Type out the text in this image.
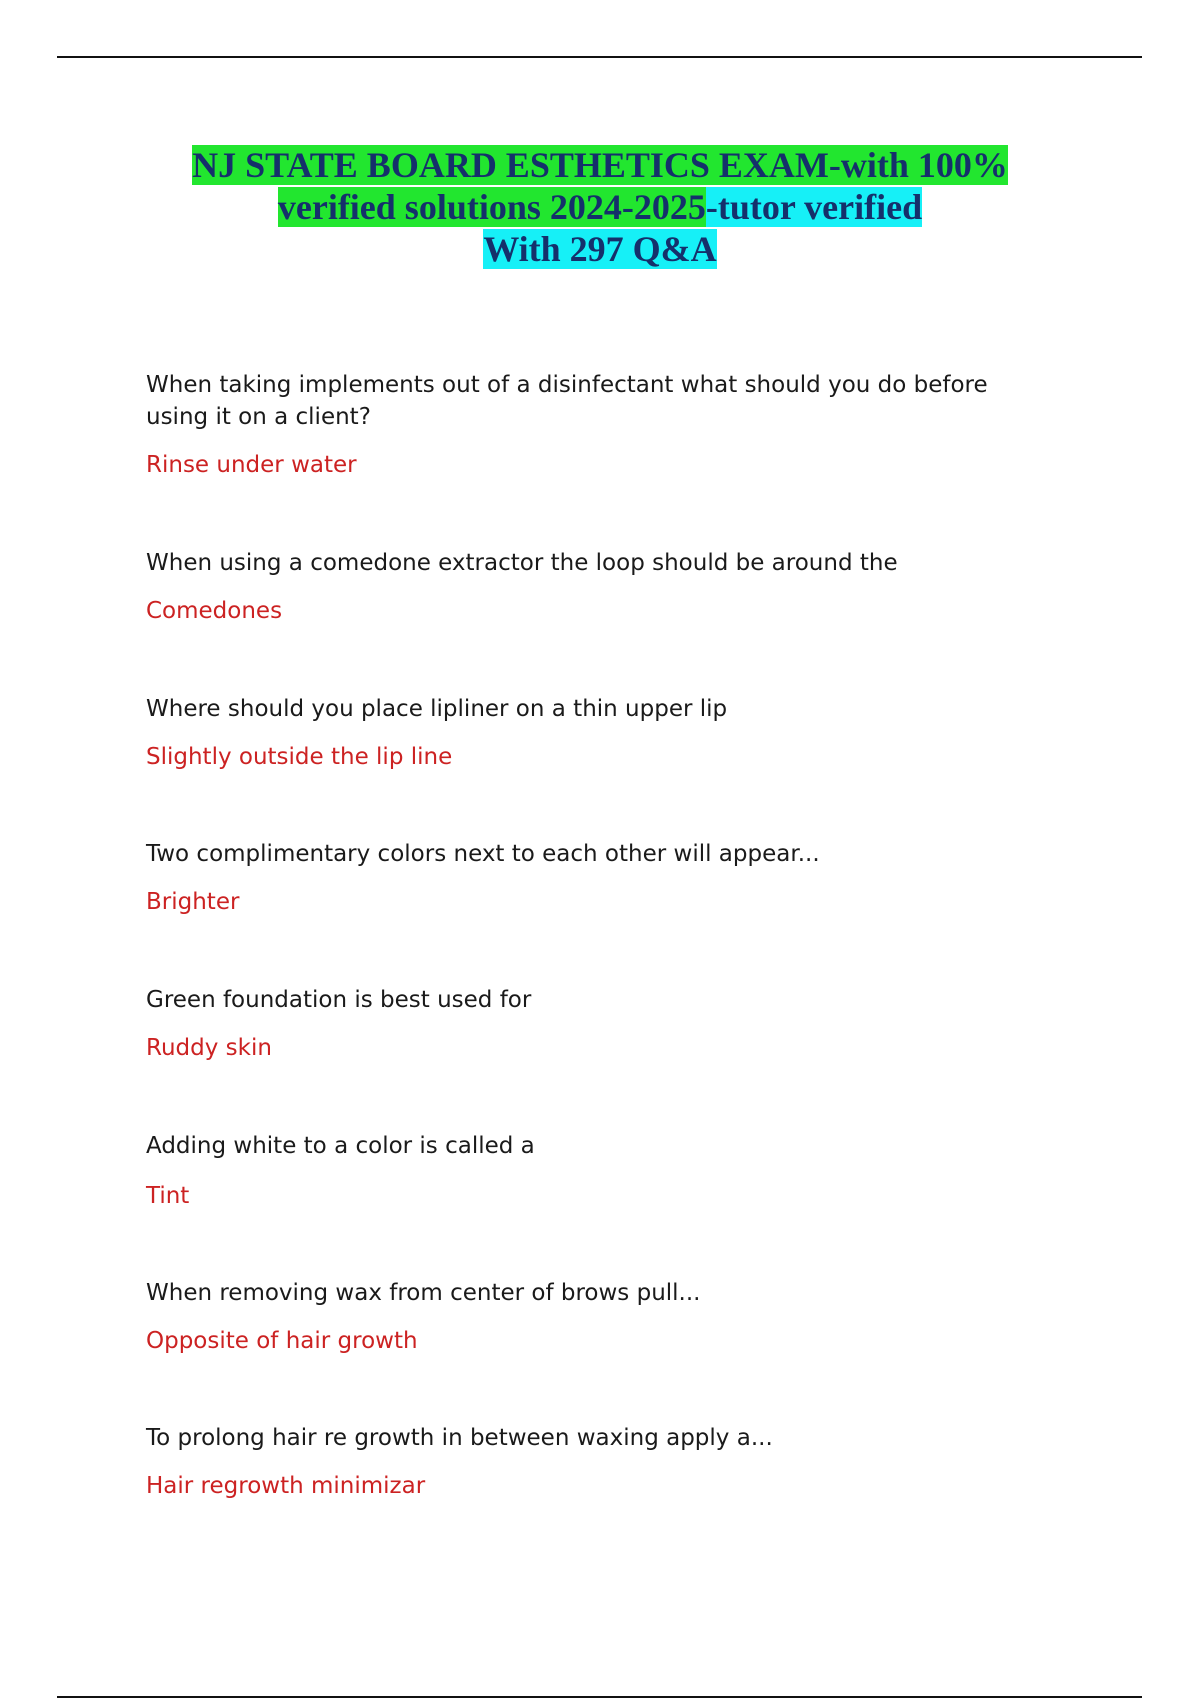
NJ STATE BOARD ESTHETICS EXAM-with 100%
verified solutions 2024-2025-tutor verified
With 297 Q&A

When taking implements out of a disinfectant what should you do before using it on a client?

Rinse under water

When using a comedone extractor the loop should be around the

Comedones

Where should you place lipliner on a thin upper lip

Slightly outside the lip line

Two complimentary colors next to each other will appear...

Brighter

Green foundation is best used for

Ruddy skin

Adding white to a color is called a

Tint

When removing wax from center of brows pull...

Opposite of hair growth

To prolong hair re growth in between waxing apply a...

Hair regrowth minimizar
